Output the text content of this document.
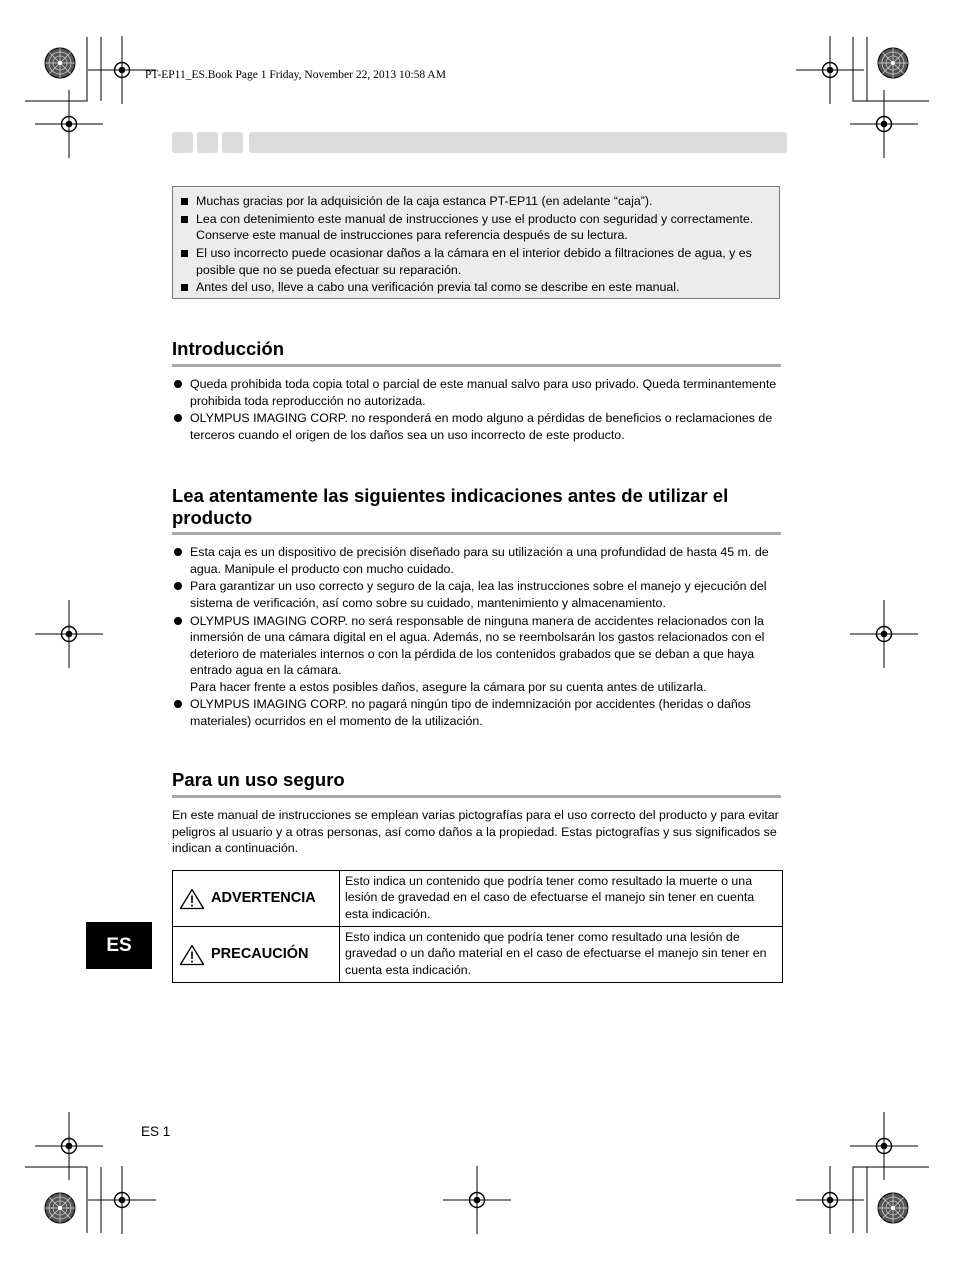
PT-EP11_ES.Book Page 1 Friday, November 22, 2013 10:58 AM
Muchas gracias por la adquisición de la caja estanca PT-EP11 (en adelante “caja”).
Lea con detenimiento este manual de instrucciones y use el producto con seguridad y correctamente. Conserve este manual de instrucciones para referencia después de su lectura.
El uso incorrecto puede ocasionar daños a la cámara en el interior debido a filtraciones de agua, y es posible que no se pueda efectuar su reparación.
Antes del uso, lleve a cabo una verificación previa tal como se describe en este manual.
Introducción
Queda prohibida toda copia total o parcial de este manual salvo para uso privado. Queda terminantemente prohibida toda reproducción no autorizada.
OLYMPUS IMAGING CORP. no responderá en modo alguno a pérdidas de beneficios o reclamaciones de terceros cuando el origen de los daños sea un uso incorrecto de este producto.
Lea atentamente las siguientes indicaciones antes de utilizar el
producto
Esta caja es un dispositivo de precisión diseñado para su utilización a una profundidad de hasta 45 m. de agua. Manipule el producto con mucho cuidado.
Para garantizar un uso correcto y seguro de la caja, lea las instrucciones sobre el manejo y ejecución del sistema de verificación, así como sobre su cuidado, mantenimiento y almacenamiento.
OLYMPUS IMAGING CORP. no será responsable de ninguna manera de accidentes relacionados con la inmersión de una cámara digital en el agua. Además, no se reembolsarán los gastos relacionados con el deterioro de materiales internos o con la pérdida de los contenidos grabados que se deban a que haya entrado agua en la cámara.
Para hacer frente a estos posibles daños, asegure la cámara por su cuenta antes de utilizarla.
OLYMPUS IMAGING CORP. no pagará ningún tipo de indemnización por accidentes (heridas o daños materiales) ocurridos en el momento de la utilización.
Para un uso seguro
En este manual de instrucciones se emplean varias pictografías para el uso correcto del producto y para evitar peligros al usuario y a otras personas, así como daños a la propiedad. Estas pictografías y sus significados se indican a continuación.
ADVERTENCIA	Esto indica un contenido que podría tener como resultado la muerte o una lesión de gravedad en el caso de efectuarse el manejo sin tener en cuenta esta indicación.

PRECAUCIÓN	Esto indica un contenido que podría tener como resultado una lesión de gravedad o un daño material en el caso de efectuarse el manejo sin tener en cuenta esta indicación.
ES
ES 1
